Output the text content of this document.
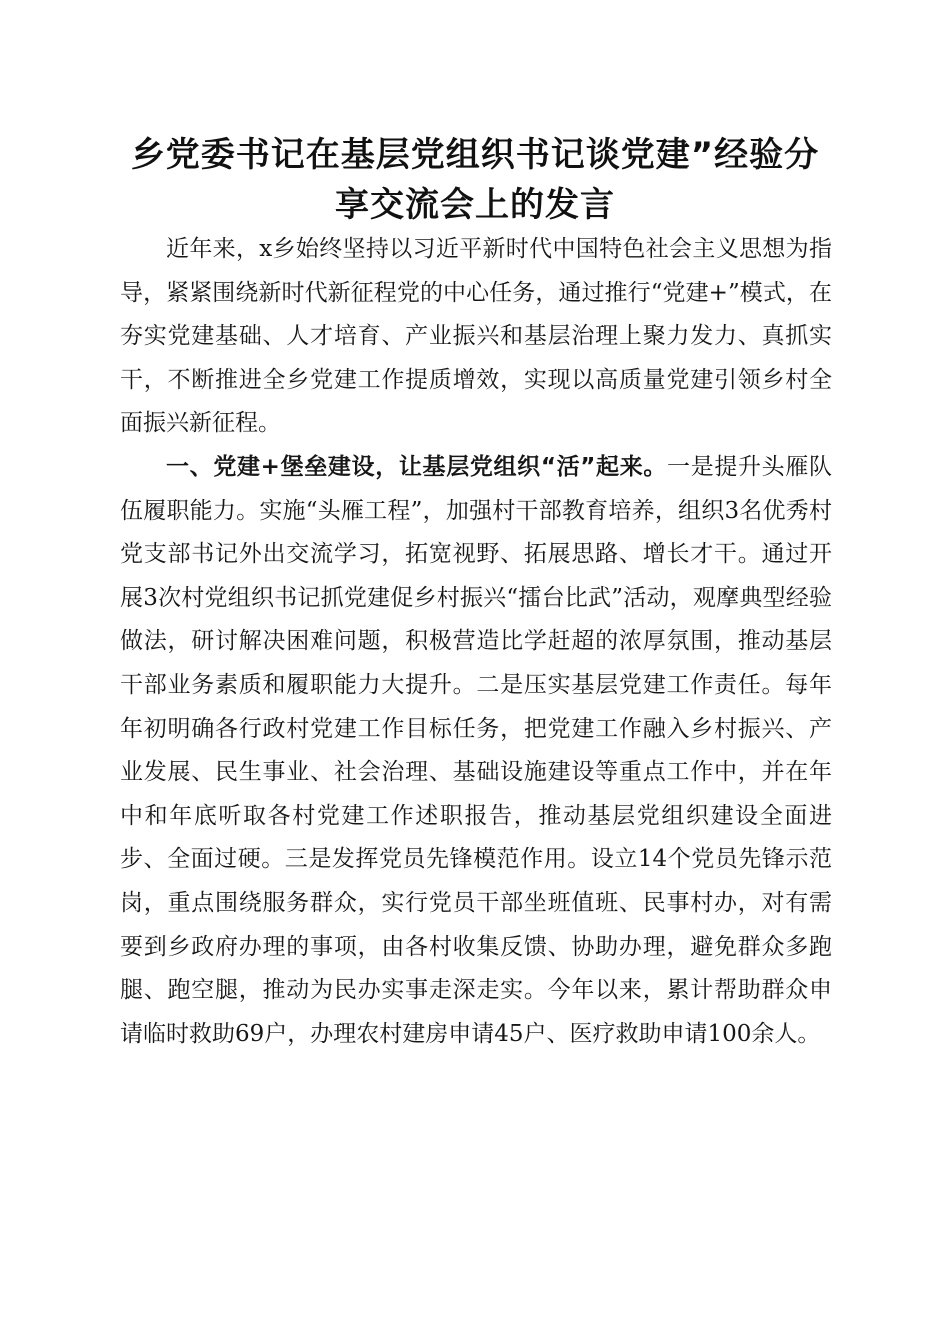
乡党委书记在基层党组织书记谈党建”经验分
享交流会上的发言

近年来，x乡始终坚持以习近平新时代中国特色社会主义思想为指导，紧紧围绕新时代新征程党的中心任务，通过推行“党建+”模式，在夯实党建基础、人才培育、产业振兴和基层治理上聚力发力、真抓实干，不断推进全乡党建工作提质增效，实现以高质量党建引领乡村全面振兴新征程。

一、党建+堡垒建设，让基层党组织“活”起来。一是提升头雁队伍履职能力。实施“头雁工程”，加强村干部教育培养，组织3名优秀村党支部书记外出交流学习，拓宽视野、拓展思路、增长才干。通过开展3次村党组织书记抓党建促乡村振兴“擂台比武”活动，观摩典型经验做法，研讨解决困难问题，积极营造比学赶超的浓厚氛围，推动基层干部业务素质和履职能力大提升。二是压实基层党建工作责任。每年年初明确各行政村党建工作目标任务，把党建工作融入乡村振兴、产业发展、民生事业、社会治理、基础设施建设等重点工作中，并在年中和年底听取各村党建工作述职报告，推动基层党组织建设全面进步、全面过硬。三是发挥党员先锋模范作用。设立14个党员先锋示范岗，重点围绕服务群众，实行党员干部坐班值班、民事村办，对有需要到乡政府办理的事项，由各村收集反馈、协助办理，避免群众多跑腿、跑空腿，推动为民办实事走深走实。今年以来，累计帮助群众申请临时救助69户，办理农村建房申请45户、医疗救助申请100余人。
